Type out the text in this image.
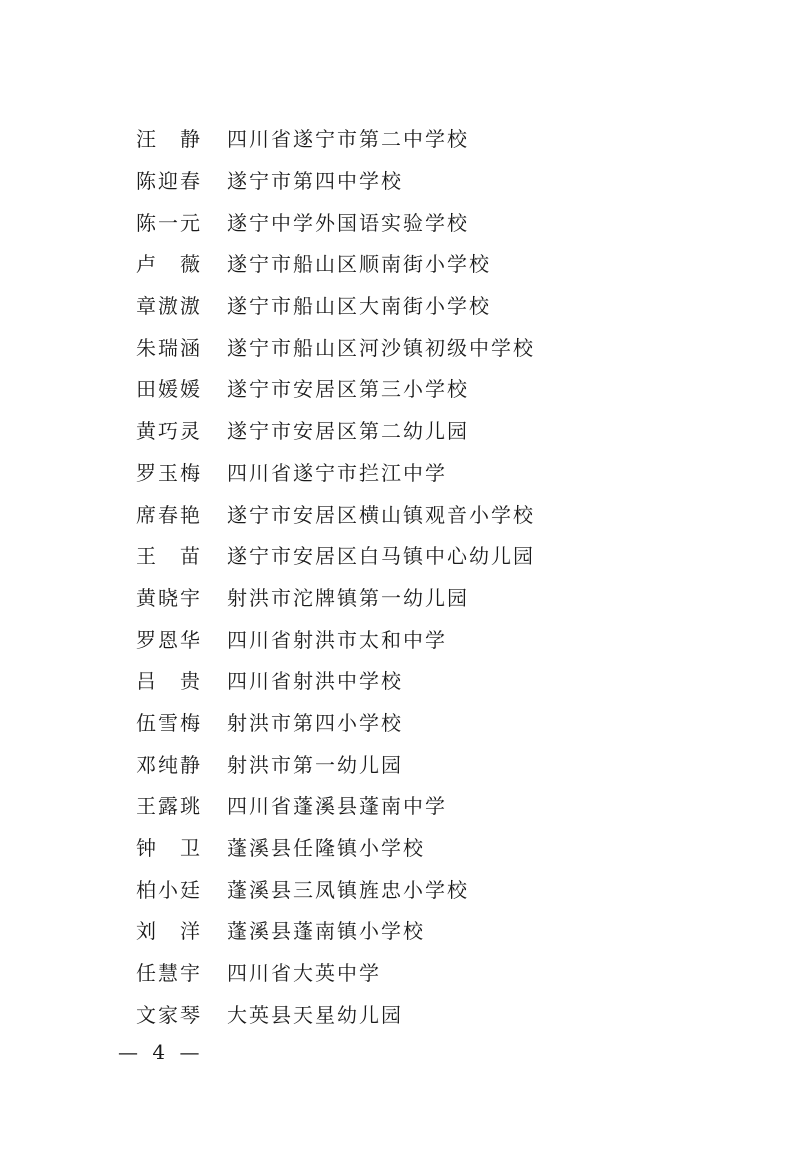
汪　静 四川省遂宁市第二中学校
陈迎春 遂宁市第四中学校
陈一元 遂宁中学外国语实验学校
卢　薇 遂宁市船山区顺南街小学校
章滶滶 遂宁市船山区大南街小学校
朱瑞涵 遂宁市船山区河沙镇初级中学校
田媛媛 遂宁市安居区第三小学校
黄巧灵 遂宁市安居区第二幼儿园
罗玉梅 四川省遂宁市拦江中学
席春艳 遂宁市安居区横山镇观音小学校
王　苗 遂宁市安居区白马镇中心幼儿园
黄晓宇 射洪市沱牌镇第一幼儿园
罗恩华 四川省射洪市太和中学
吕　贵 四川省射洪中学校
伍雪梅 射洪市第四小学校
邓纯静 射洪市第一幼儿园
王露珧 四川省蓬溪县蓬南中学
钟　卫 蓬溪县任隆镇小学校
柏小廷 蓬溪县三凤镇旌忠小学校
刘　洋 蓬溪县蓬南镇小学校
任慧宇 四川省大英中学
文家琴 大英县天星幼儿园
— 4 —
